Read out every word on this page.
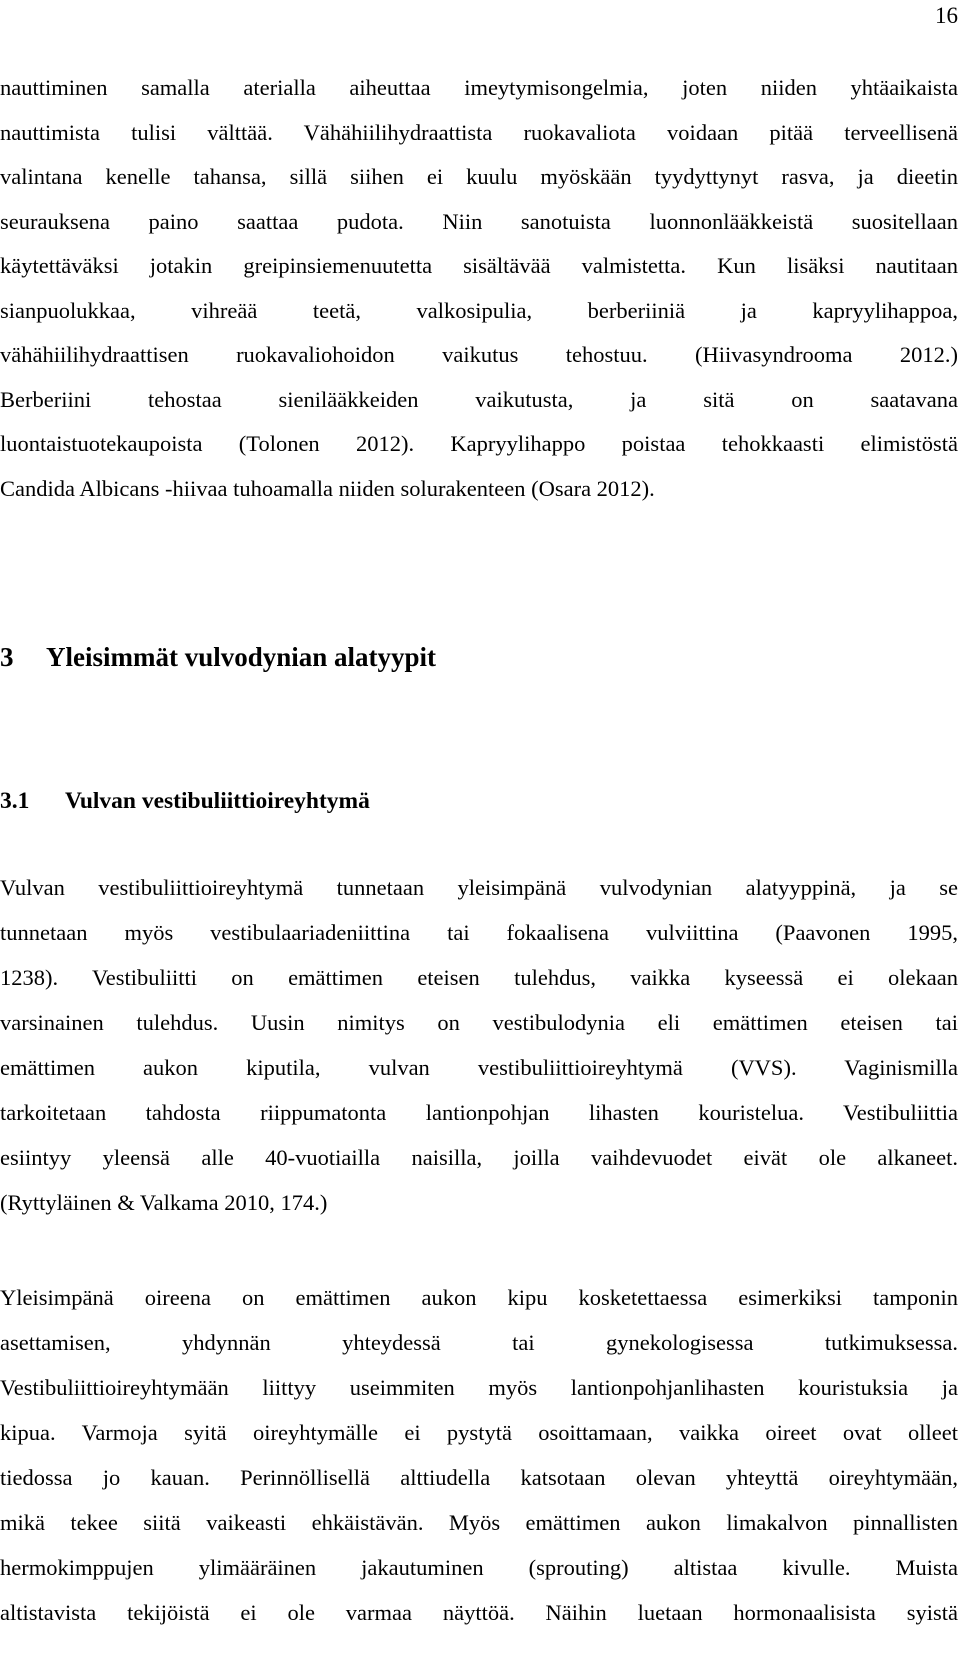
16
nauttiminen samalla aterialla aiheuttaa imeytymisongelmia, joten niiden yhtäaikaista
nauttimista tulisi välttää. Vähähiilihydraattista ruokavaliota voidaan pitää terveellisenä
valintana kenelle tahansa, sillä siihen ei kuulu myöskään tyydyttynyt rasva, ja dieetin
seurauksena paino saattaa pudota. Niin sanotuista luonnonlääkkeistä suositellaan
käytettäväksi jotakin greipinsiemenuutetta sisältävää valmistetta. Kun lisäksi nautitaan
sianpuolukkaa, vihreää teetä, valkosipulia, berberiiniä ja kapryylihappoa,
vähähiilihydraattisen ruokavaliohoidon vaikutus tehostuu. (Hiivasyndrooma 2012.)
Berberiini tehostaa sienilääkkeiden vaikutusta, ja sitä on saatavana
luontaistuotekaupoista (Tolonen 2012). Kapryylihappo poistaa tehokkaasti elimistöstä
Candida Albicans -hiivaa tuhoamalla niiden solurakenteen (Osara 2012).
3 Yleisimmät vulvodynian alatyypit
3.1 Vulvan vestibuliittioireyhtymä
Vulvan vestibuliittioireyhtymä tunnetaan yleisimpänä vulvodynian alatyyppinä, ja se
tunnetaan myös vestibulaariadeniittina tai fokaalisena vulviittina (Paavonen 1995,
1238). Vestibuliitti on emättimen eteisen tulehdus, vaikka kyseessä ei olekaan
varsinainen tulehdus. Uusin nimitys on vestibulodynia eli emättimen eteisen tai
emättimen aukon kiputila, vulvan vestibuliittioireyhtymä (VVS). Vaginismilla
tarkoitetaan tahdosta riippumatonta lantionpohjan lihasten kouristelua. Vestibuliittia
esiintyy yleensä alle 40-vuotiailla naisilla, joilla vaihdevuodet eivät ole alkaneet.
(Ryttyläinen & Valkama 2010, 174.)
Yleisimpänä oireena on emättimen aukon kipu kosketettaessa esimerkiksi tamponin
asettamisen, yhdynnän yhteydessä tai gynekologisessa tutkimuksessa.
Vestibuliittioireyhtymään liittyy useimmiten myös lantionpohjanlihasten kouristuksia ja
kipua. Varmoja syitä oireyhtymälle ei pystytä osoittamaan, vaikka oireet ovat olleet
tiedossa jo kauan. Perinnöllisellä alttiudella katsotaan olevan yhteyttä oireyhtymään,
mikä tekee siitä vaikeasti ehkäistävän. Myös emättimen aukon limakalvon pinnallisten
hermokimppujen ylimääräinen jakautuminen (sprouting) altistaa kivulle. Muista
altistavista tekijöistä ei ole varmaa näyttöä. Näihin luetaan hormonaalisista syistä
